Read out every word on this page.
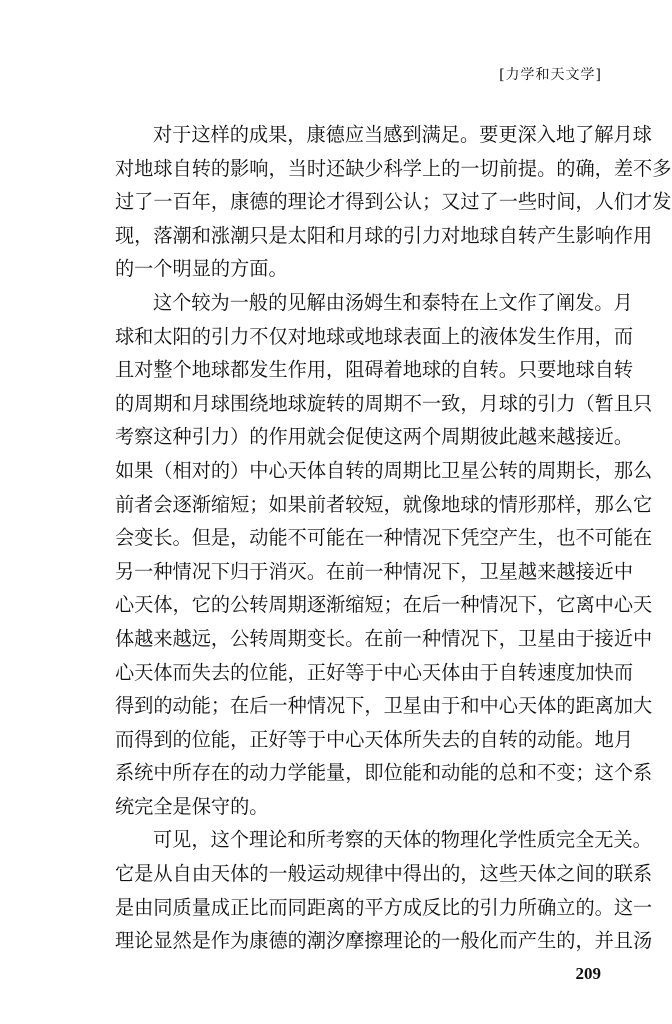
[力学和天文学]
对于这样的成果，康德应当感到满足。要更深入地了解月球
对地球自转的影响，当时还缺少科学上的一切前提。的确，差不多
过了一百年，康德的理论才得到公认；又过了一些时间，人们才发
现，落潮和涨潮只是太阳和月球的引力对地球自转产生影响作用
的一个明显的方面。
这个较为一般的见解由汤姆生和泰特在上文作了阐发。月
球和太阳的引力不仅对地球或地球表面上的液体发生作用，而
且对整个地球都发生作用，阻碍着地球的自转。只要地球自转
的周期和月球围绕地球旋转的周期不一致，月球的引力（暂且只
考察这种引力）的作用就会促使这两个周期彼此越来越接近。
如果（相对的）中心天体自转的周期比卫星公转的周期长，那么
前者会逐渐缩短；如果前者较短，就像地球的情形那样，那么它
会变长。但是，动能不可能在一种情况下凭空产生，也不可能在
另一种情况下归于消灭。在前一种情况下，卫星越来越接近中
心天体，它的公转周期逐渐缩短；在后一种情况下，它离中心天
体越来越远，公转周期变长。在前一种情况下，卫星由于接近中
心天体而失去的位能，正好等于中心天体由于自转速度加快而
得到的动能；在后一种情况下，卫星由于和中心天体的距离加大
而得到的位能，正好等于中心天体所失去的自转的动能。地月
系统中所存在的动力学能量，即位能和动能的总和不变；这个系
统完全是保守的。
可见，这个理论和所考察的天体的物理化学性质完全无关。
它是从自由天体的一般运动规律中得出的，这些天体之间的联系
是由同质量成正比而同距离的平方成反比的引力所确立的。这一
理论显然是作为康德的潮汐摩擦理论的一般化而产生的，并且汤
209
